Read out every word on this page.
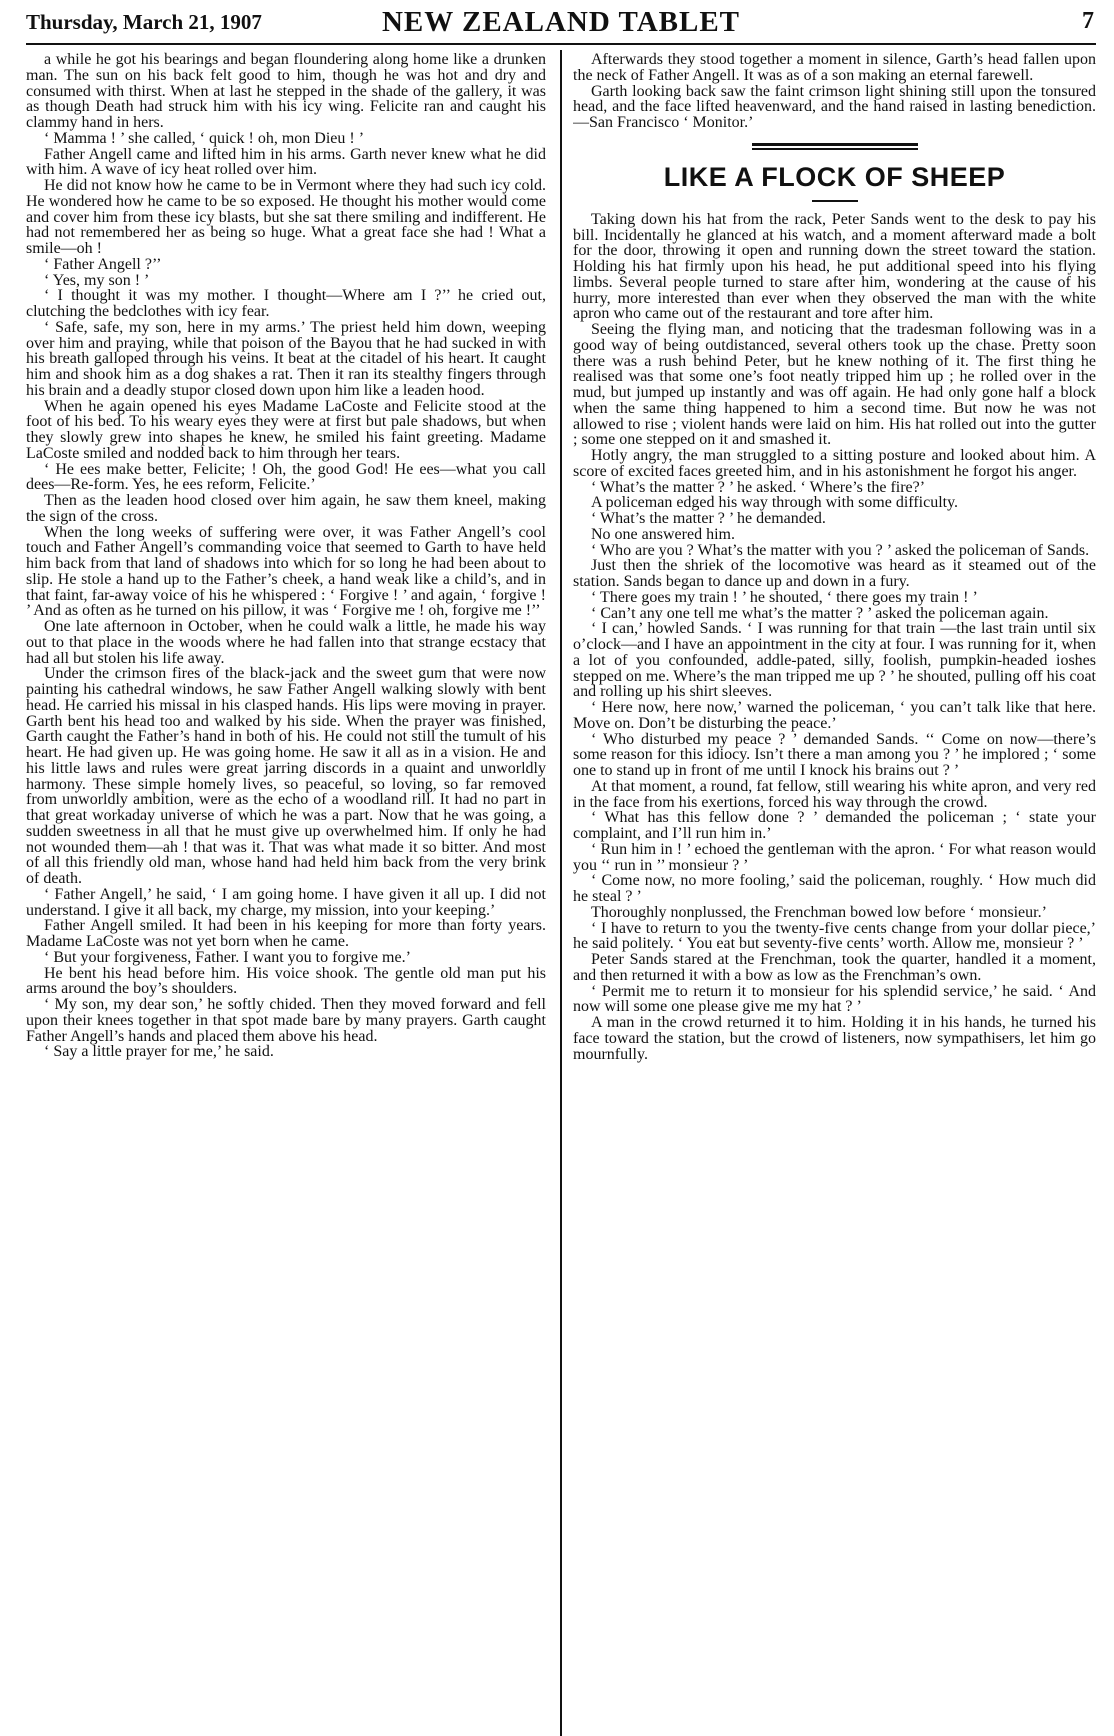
Thursday, March 21, 1907	NEW ZEALAND TABLET	7

a while he got his bearings and began floundering along home like a drunken man. The sun on his back felt good to him, though he was hot and dry and consumed with thirst. When at last he stepped in the shade of the gallery, it was as though Death had struck him with his icy wing. Felicite ran and caught his clammy hand in hers.

‘ Mamma ! ’ she called, ‘ quick ! oh, mon Dieu ! ’

Father Angell came and lifted him in his arms. Garth never knew what he did with him. A wave of icy heat rolled over him.

He did not know how he came to be in Vermont where they had such icy cold. He wondered how he came to be so exposed. He thought his mother would come and cover him from these icy blasts, but she sat there smiling and indifferent. He had not remembered her as being so huge. What a great face she had ! What a smile—oh !

‘ Father Angell ?’’

‘ Yes, my son ! ’

‘ I thought it was my mother. I thought—Where am I ?’’ he cried out, clutching the bedclothes with icy fear.

‘ Safe, safe, my son, here in my arms.’ The priest held him down, weeping over him and praying, while that poison of the Bayou that he had sucked in with his breath galloped through his veins. It beat at the citadel of his heart. It caught him and shook him as a dog shakes a rat. Then it ran its stealthy fingers through his brain and a deadly stupor closed down upon him like a leaden hood.

When he again opened his eyes Madame LaCoste and Felicite stood at the foot of his bed. To his weary eyes they were at first but pale shadows, but when they slowly grew into shapes he knew, he smiled his faint greeting. Madame LaCoste smiled and nodded back to him through her tears.

‘ He ees make better, Felicite; ! Oh, the good God! He ees—what you call dees—Re-form. Yes, he ees reform, Felicite.’

Then as the leaden hood closed over him again, he saw them kneel, making the sign of the cross.

When the long weeks of suffering were over, it was Father Angell’s cool touch and Father Angell’s commanding voice that seemed to Garth to have held him back from that land of shadows into which for so long he had been about to slip. He stole a hand up to the Father’s cheek, a hand weak like a child’s, and in that faint, far-away voice of his he whispered : ‘ Forgive ! ’ and again, ‘ forgive ! ’ And as often as he turned on his pillow, it was ‘ Forgive me ! oh, forgive me !’’

One late afternoon in October, when he could walk a little, he made his way out to that place in the woods where he had fallen into that strange ecstacy that had all but stolen his life away.

Under the crimson fires of the black-jack and the sweet gum that were now painting his cathedral windows, he saw Father Angell walking slowly with bent head. He carried his missal in his clasped hands. His lips were moving in prayer. Garth bent his head too and walked by his side. When the prayer was finished, Garth caught the Father’s hand in both of his. He could not still the tumult of his heart. He had given up. He was going home. He saw it all as in a vision. He and his little laws and rules were great jarring discords in a quaint and unworldly harmony. These simple homely lives, so peaceful, so loving, so far removed from unworldly ambition, were as the echo of a woodland rill. It had no part in that great workaday universe of which he was a part. Now that he was going, a sudden sweetness in all that he must give up overwhelmed him. If only he had not wounded them—ah ! that was it. That was what made it so bitter. And most of all this friendly old man, whose hand had held him back from the very brink of death.

‘ Father Angell,’ he said, ‘ I am going home. I have given it all up. I did not understand. I give it all back, my charge, my mission, into your keeping.’

Father Angell smiled. It had been in his keeping for more than forty years. Madame LaCoste was not yet born when he came.

‘ But your forgiveness, Father. I want you to forgive me.’

He bent his head before him. His voice shook. The gentle old man put his arms around the boy’s shoulders.

‘ My son, my dear son,’ he softly chided. Then they moved forward and fell upon their knees together in that spot made bare by many prayers. Garth caught Father Angell’s hands and placed them above his head.

‘ Say a little prayer for me,’ he said.

Afterwards they stood together a moment in silence, Garth’s head fallen upon the neck of Father Angell. It was as of a son making an eternal farewell.

Garth looking back saw the faint crimson light shining still upon the tonsured head, and the face lifted heavenward, and the hand raised in lasting benediction.—San Francisco ‘ Monitor.’

LIKE A FLOCK OF SHEEP

Taking down his hat from the rack, Peter Sands went to the desk to pay his bill. Incidentally he glanced at his watch, and a moment afterward made a bolt for the door, throwing it open and running down the street toward the station. Holding his hat firmly upon his head, he put additional speed into his flying limbs. Several people turned to stare after him, wondering at the cause of his hurry, more interested than ever when they observed the man with the white apron who came out of the restaurant and tore after him.

Seeing the flying man, and noticing that the tradesman following was in a good way of being outdistanced, several others took up the chase. Pretty soon there was a rush behind Peter, but he knew nothing of it. The first thing he realised was that some one’s foot neatly tripped him up ; he rolled over in the mud, but jumped up instantly and was off again. He had only gone half a block when the same thing happened to him a second time. But now he was not allowed to rise ; violent hands were laid on him. His hat rolled out into the gutter ; some one stepped on it and smashed it.

Hotly angry, the man struggled to a sitting posture and looked about him. A score of excited faces greeted him, and in his astonishment he forgot his anger.

‘ What’s the matter ? ’ he asked. ‘ Where’s the fire?’

A policeman edged his way through with some difficulty.

‘ What’s the matter ? ’ he demanded.

No one answered him.

‘ Who are you ? What’s the matter with you ? ’ asked the policeman of Sands.

Just then the shriek of the locomotive was heard as it steamed out of the station. Sands began to dance up and down in a fury.

‘ There goes my train ! ’ he shouted, ‘ there goes my train ! ’

‘ Can’t any one tell me what’s the matter ? ’ asked the policeman again.

‘ I can,’ howled Sands. ‘ I was running for that train —the last train until six o’clock—and I have an appointment in the city at four. I was running for it, when a lot of you confounded, addle-pated, silly, foolish, pumpkin-headed ioshes stepped on me. Where’s the man tripped me up ? ’ he shouted, pulling off his coat and rolling up his shirt sleeves.

‘ Here now, here now,’ warned the policeman, ‘ you can’t talk like that here. Move on. Don’t be disturbing the peace.’

‘ Who disturbed my peace ? ’ demanded Sands. ‘‘ Come on now—there’s some reason for this idiocy. Isn’t there a man among you ? ’ he implored ; ‘ some one to stand up in front of me until I knock his brains out ? ’

At that moment, a round, fat fellow, still wearing his white apron, and very red in the face from his exertions, forced his way through the crowd.

‘ What has this fellow done ? ’ demanded the policeman ; ‘ state your complaint, and I’ll run him in.’

‘ Run him in ! ’ echoed the gentleman with the apron. ‘ For what reason would you ‘‘ run in ’’ monsieur ? ’

‘ Come now, no more fooling,’ said the policeman, roughly. ‘ How much did he steal ? ’

Thoroughly nonplussed, the Frenchman bowed low before ‘ monsieur.’

‘ I have to return to you the twenty-five cents change from your dollar piece,’ he said politely. ‘ You eat but seventy-five cents’ worth. Allow me, monsieur ? ’

Peter Sands stared at the Frenchman, took the quarter, handled it a moment, and then returned it with a bow as low as the Frenchman’s own.

‘ Permit me to return it to monsieur for his splendid service,’ he said. ‘ And now will some one please give me my hat ? ’

A man in the crowd returned it to him. Holding it in his hands, he turned his face toward the station, but the crowd of listeners, now sympathisers, let him go mournfully.
